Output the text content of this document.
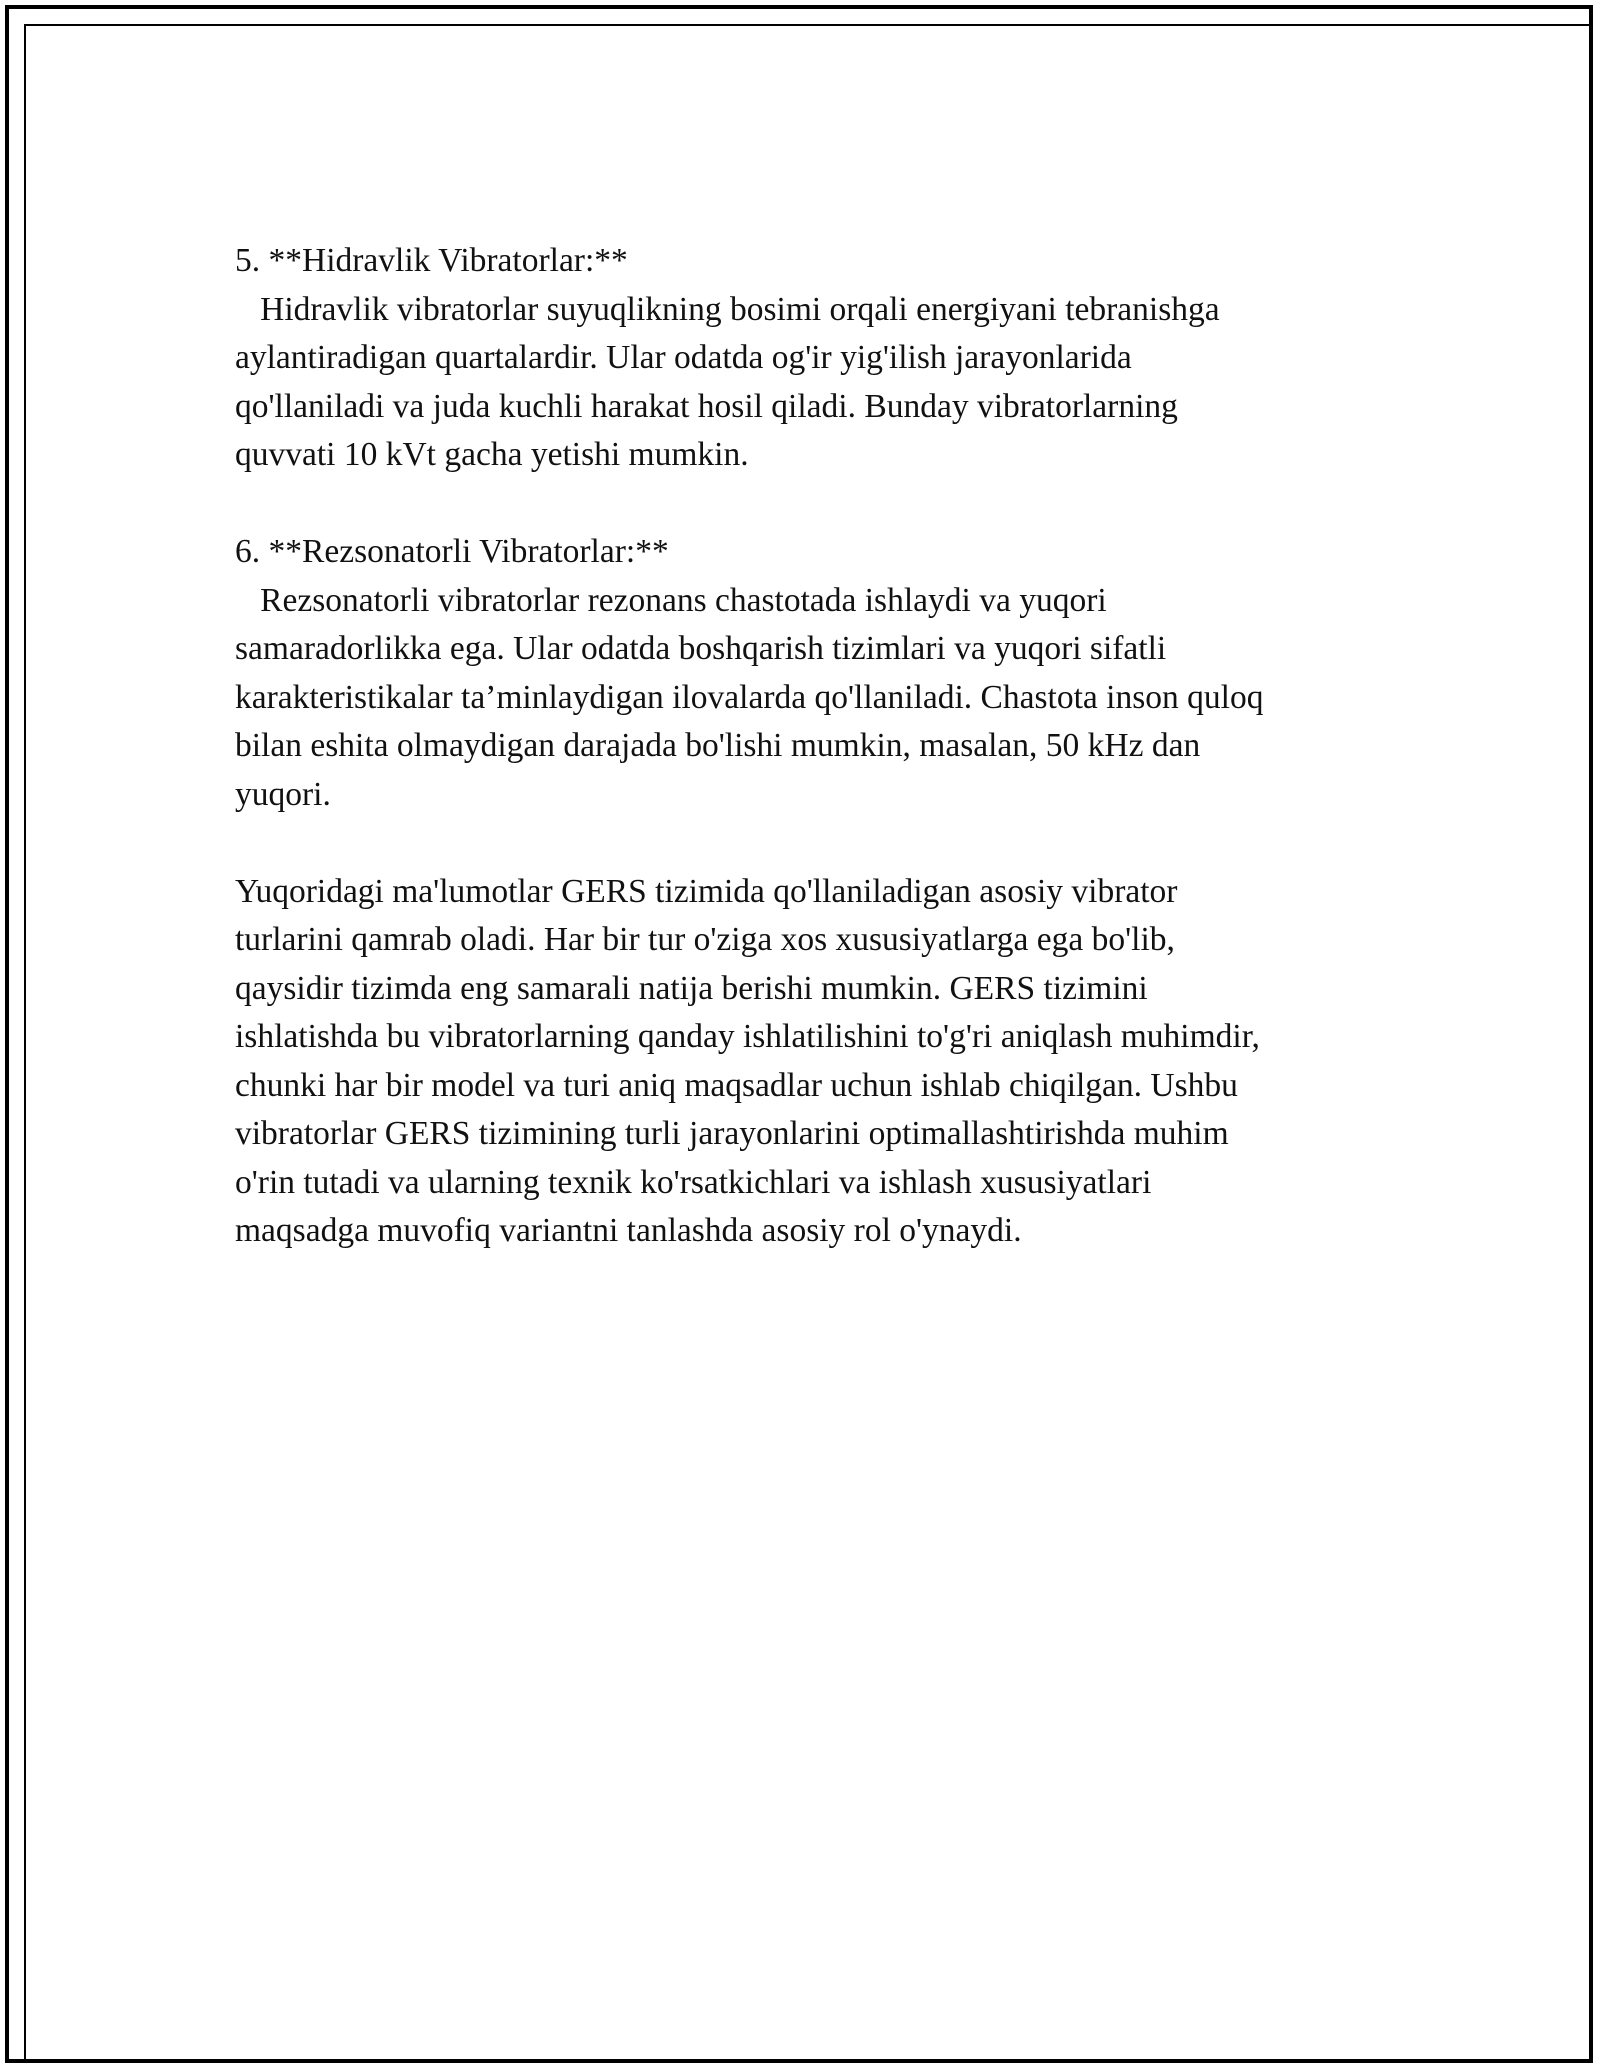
5. **Hidravlik Vibratorlar:**
Hidravlik vibratorlar suyuqlikning bosimi orqali energiyani tebranishga
aylantiradigan quartalardir. Ular odatda og'ir yig'ilish jarayonlarida
qo'llaniladi va juda kuchli harakat hosil qiladi. Bunday vibratorlarning
quvvati 10 kVt gacha yetishi mumkin.
6. **Rezsonatorli Vibratorlar:**
Rezsonatorli vibratorlar rezonans chastotada ishlaydi va yuqori
samaradorlikka ega. Ular odatda boshqarish tizimlari va yuqori sifatli
karakteristikalar ta’minlaydigan ilovalarda qo'llaniladi. Chastota inson quloq
bilan eshita olmaydigan darajada bo'lishi mumkin, masalan, 50 kHz dan
yuqori.
Yuqoridagi ma'lumotlar GERS tizimida qo'llaniladigan asosiy vibrator
turlarini qamrab oladi. Har bir tur o'ziga xos xususiyatlarga ega bo'lib,
qaysidir tizimda eng samarali natija berishi mumkin. GERS tizimini
ishlatishda bu vibratorlarning qanday ishlatilishini to'g'ri aniqlash muhimdir,
chunki har bir model va turi aniq maqsadlar uchun ishlab chiqilgan. Ushbu
vibratorlar GERS tizimining turli jarayonlarini optimallashtirishda muhim
o'rin tutadi va ularning texnik ko'rsatkichlari va ishlash xususiyatlari
maqsadga muvofiq variantni tanlashda asosiy rol o'ynaydi.
